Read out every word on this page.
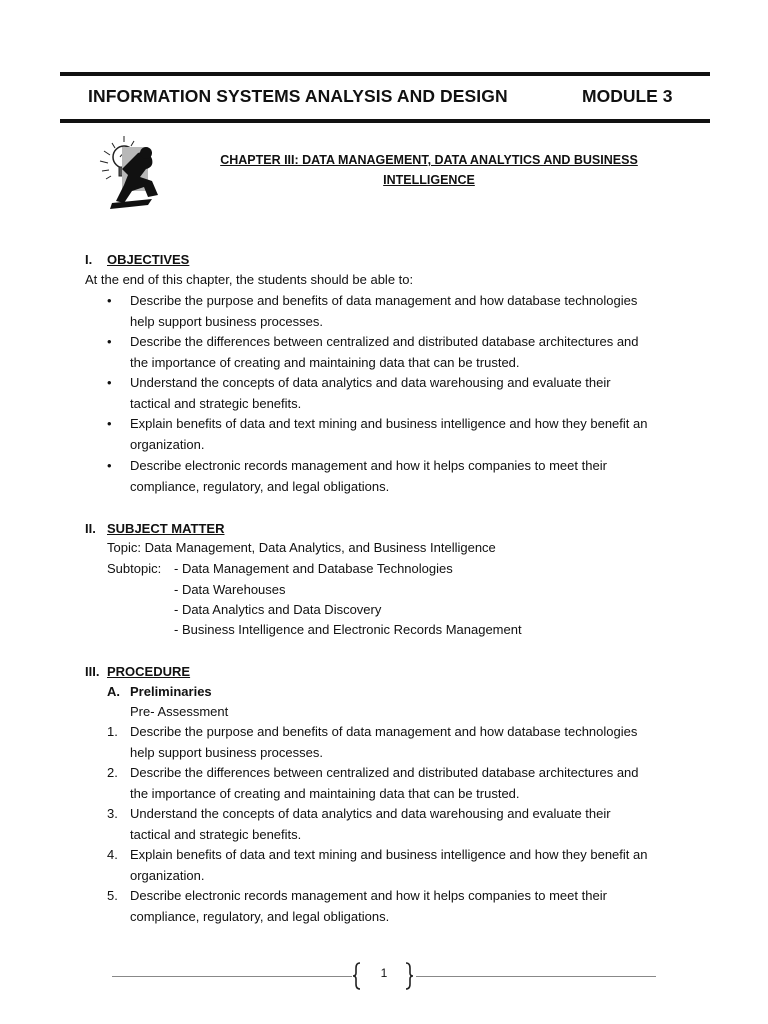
INFORMATION SYSTEMS ANALYSIS AND DESIGN	MODULE 3
CHAPTER III: DATA MANAGEMENT, DATA ANALYTICS AND BUSINESS
INTELLIGENCE
I. OBJECTIVES
At the end of this chapter, the students should be able to:
• Describe the purpose and benefits of data management and how database technologies
help support business processes.
• Describe the differences between centralized and distributed database architectures and
the importance of creating and maintaining data that can be trusted.
• Understand the concepts of data analytics and data warehousing and evaluate their
tactical and strategic benefits.
• Explain benefits of data and text mining and business intelligence and how they benefit an
organization.
• Describe electronic records management and how it helps companies to meet their
compliance, regulatory, and legal obligations.
II. SUBJECT MATTER
Topic: Data Management, Data Analytics, and Business Intelligence
Subtopic: - Data Management and Database Technologies
- Data Warehouses
- Data Analytics and Data Discovery
- Business Intelligence and Electronic Records Management
III. PROCEDURE
A. Preliminaries
Pre- Assessment
1. Describe the purpose and benefits of data management and how database technologies
help support business processes.
2. Describe the differences between centralized and distributed database architectures and
the importance of creating and maintaining data that can be trusted.
3. Understand the concepts of data analytics and data warehousing and evaluate their
tactical and strategic benefits.
4. Explain benefits of data and text mining and business intelligence and how they benefit an
organization.
5. Describe electronic records management and how it helps companies to meet their
compliance, regulatory, and legal obligations.
1
